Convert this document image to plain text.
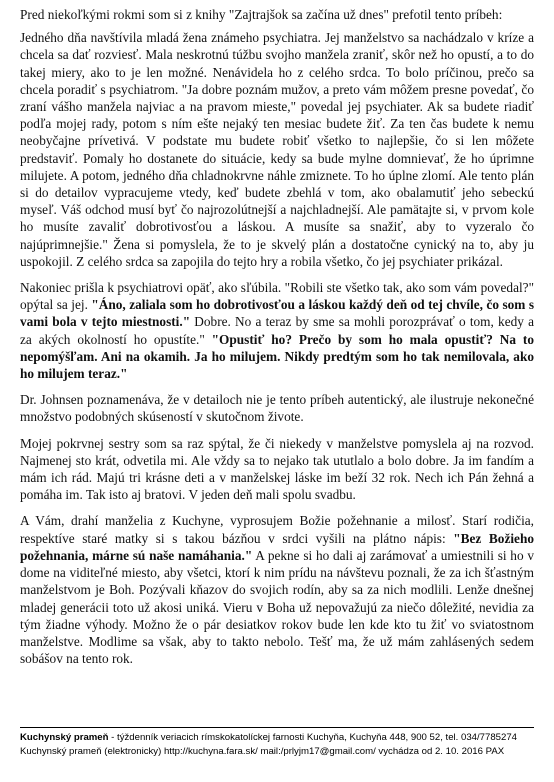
Pred niekoľkými rokmi som si z knihy "Zajtrajšok sa začína už dnes" prefotil tento príbeh:

Jedného dňa navštívila mladá žena známeho psychiatra. Jej manželstvo sa nachádzalo v kríze a chcela sa dať rozviesť. Mala neskrotnú túžbu svojho manžela zraniť, skôr než ho opustí, a to do takej miery, ako to je len možné. Nenávidela ho z celého srdca. To bolo príčinou, prečo sa chcela poradiť s psychiatrom. "Ja dobre poznám mužov, a preto vám môžem presne povedať, čo zraní vášho manžela najviac a na pravom mieste," povedal jej psychiater. Ak sa budete riadiť podľa mojej rady, potom s ním ešte nejaký ten mesiac budete žiť. Za ten čas budete k nemu neobyčajne prívetivá. V podstate mu budete robiť všetko to najlepšie, čo si len môžete predstaviť. Pomaly ho dostanete do situácie, kedy sa bude mylne domnievať, že ho úprimne milujete. A potom, jedného dňa chladnokrvne náhle zmiznete. To ho úplne zlomí. Ale tento plán si do detailov vypracujeme vtedy, keď budete zbehlá v tom, ako obalamutiť jeho sebeckú myseľ. Váš odchod musí byť čo najrozolútnejší a najchladnejší. Ale pamätajte si, v prvom kole ho musíte zavaliť dobrotivosťou a láskou. A musíte sa snažiť, aby to vyzeralo čo najúprimnejšie." Žena si pomyslela, že to je skvelý plán a dostatočne cynický na to, aby ju uspokojil. Z celého srdca sa zapojila do tejto hry a robila všetko, čo jej psychiater prikázal.

Nakoniec prišla k psychiatrovi opäť, ako sľúbila. "Robili ste všetko tak, ako som vám povedal?" opýtal sa jej. "Áno, zaliala som ho dobrotivosťou a láskou každý deň od tej chvíle, čo som s vami bola v tejto miestnosti." Dobre. No a teraz by sme sa mohli porozprávať o tom, kedy a za akých okolností ho opustíte." "Opustiť ho? Prečo by som ho mala opustiť? Na to nepomýšľam. Ani na okamih. Ja ho milujem. Nikdy predtým som ho tak nemilovala, ako ho milujem teraz."

Dr. Johnsen poznamenáva, že v detailoch nie je tento príbeh autentický, ale ilustruje nekonečné množstvo podobných skúseností v skutočnom živote.

Mojej pokrvnej sestry som sa raz spýtal, že či niekedy v manželstve pomyslela aj na rozvod. Najmenej sto krát, odvetila mi. Ale vždy sa to nejako tak ututlalo a bolo dobre. Ja im fandím a mám ich rád. Majú tri krásne deti a v manželskej láske im beží 32 rok. Nech ich Pán žehná a pomáha im. Tak isto aj bratovi. V jeden deň mali spolu svadbu.

A Vám, drahí manželia z Kuchyne, vyprosujem Božie požehnanie a milosť. Starí rodičia, respektíve staré matky si s takou bázňou v srdci vyšili na plátno nápis: "Bez Božieho požehnania, márne sú naše namáhania." A pekne si ho dali aj zarámovať a umiestnili si ho v dome na viditeľné miesto, aby všetci, ktorí k nim prídu na návštevu poznali, že za ich šťastným manželstvom je Boh. Pozývali kňazov do svojich rodín, aby sa za nich modlili. Lenže dnešnej mladej generácii toto už akosi uniká. Vieru v Boha už nepovažujú za niečo dôležité, nevidia za tým žiadne výhody. Možno že o pár desiatkov rokov bude len kde kto tu žiť vo sviatostnom manželstve. Modlime sa však, aby to takto nebolo. Tešť ma, že už mám zahlásených sedem sobášov na tento rok.

Kuchynský prameň - týždenník veriacich rímskokatolíckej farnosti Kuchyňa, Kuchyňa 448, 900 52, tel. 034/7785274
Kuchynský prameň (elektronicky) http://kuchyna.fara.sk/ mail:/prlyjm17@gmail.com/ vychádza od 2. 10. 2016 PAX
